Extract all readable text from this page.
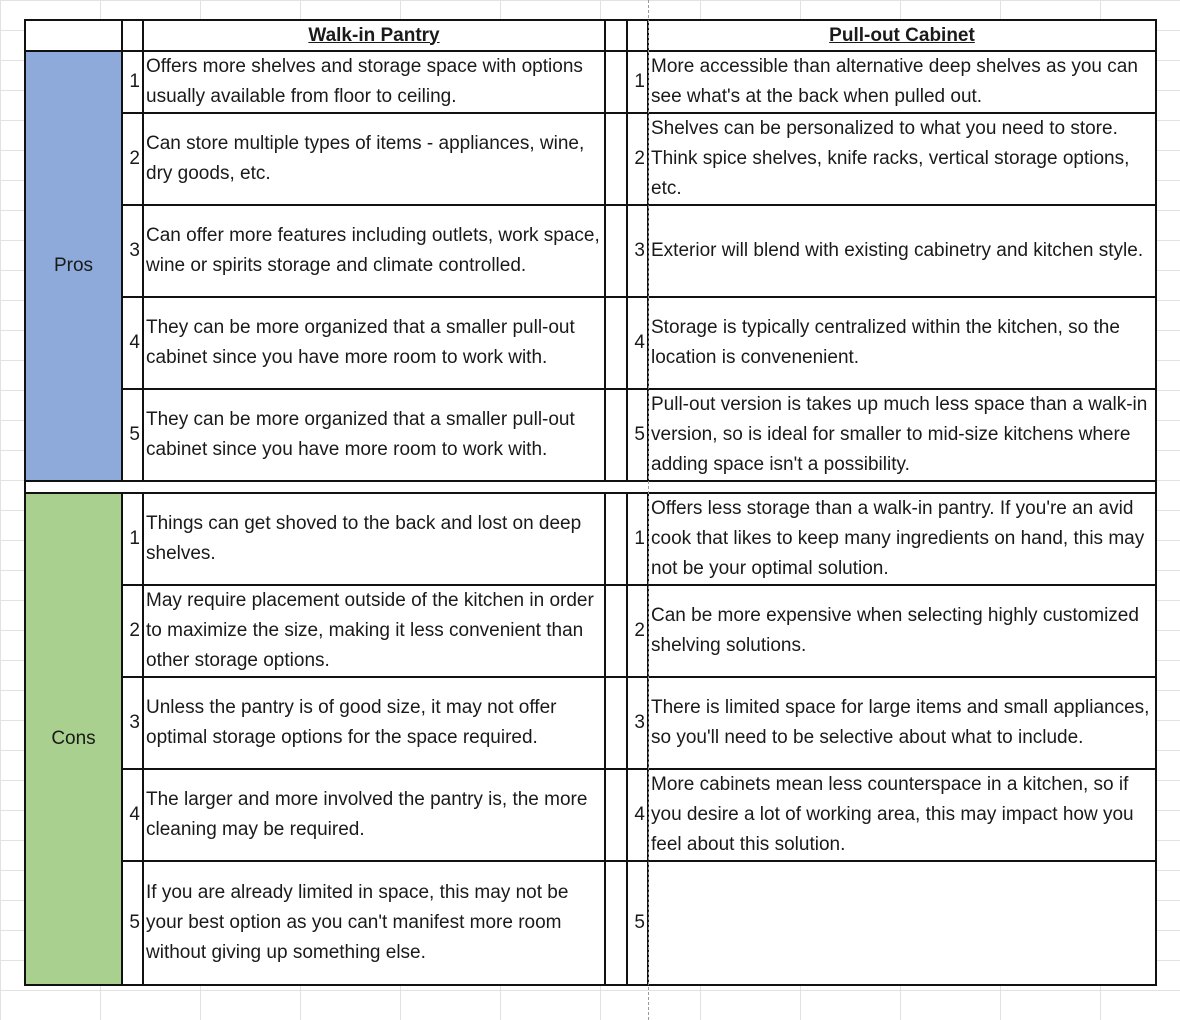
		Walk-in Pantry			Pull-out Cabinet
Pros	1	Offers more shelves and storage space with options usually available from floor to ceiling.		1	More accessible than alternative deep shelves as you can see what's at the back when pulled out.
	2	Can store multiple types of items - appliances, wine, dry goods, etc.		2	Shelves can be personalized to what you need to store. Think spice shelves, knife racks, vertical storage options, etc.
	3	Can offer more features including outlets, work space, wine or spirits storage and climate controlled.		3	Exterior will blend with existing cabinetry and kitchen style.
	4	They can be more organized that a smaller pull-out cabinet since you have more room to work with.		4	Storage is typically centralized within the kitchen, so the location is convenenient.
	5	They can be more organized that a smaller pull-out cabinet since you have more room to work with.		5	Pull-out version is takes up much less space than a walk-in version, so is ideal for smaller to mid-size kitchens where adding space isn't a possibility.

Cons	1	Things can get shoved to the back and lost on deep shelves.		1	Offers less storage than a walk-in pantry. If you're an avid cook that likes to keep many ingredients on hand, this may not be your optimal solution.
	2	May require placement outside of the kitchen in order to maximize the size, making it less convenient than other storage options.		2	Can be more expensive when selecting highly customized shelving solutions.
	3	Unless the pantry is of good size, it may not offer optimal storage options for the space required.		3	There is limited space for large items and small appliances, so you'll need to be selective about what to include.
	4	The larger and more involved the pantry is, the more cleaning may be required.		4	More cabinets mean less counterspace in a kitchen, so if you desire a lot of working area, this may impact how you feel about this solution.
	5	If you are already limited in space, this may not be your best option as you can't manifest more room without giving up something else.		5	
